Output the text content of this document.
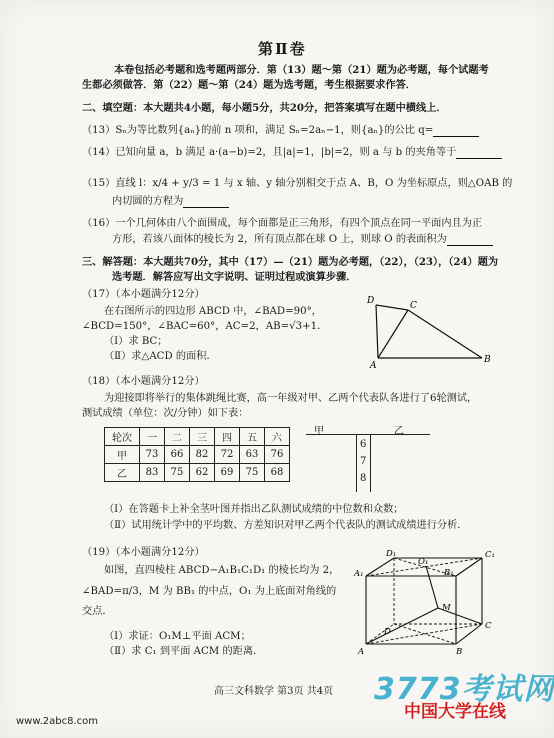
第Ⅱ卷
本卷包括必考题和选考题两部分．第（13）题～第（21）题为必考题，每个试题考
生都必须做答．第（22）题～第（24）题为选考题，考生根据要求作答．
二、填空题：本大题共4小题，每小题5分，共20分，把答案填写在题中横线上．
（13）Sₙ为等比数列{aₙ}的前 n 项和，满足 Sₙ=2aₙ−1，则{aₙ}的公比 q=
（14）已知向量 a，b 满足 a·(a−b)=2，且|a|=1，|b|=2，则 a 与 b 的夹角等于
（15）直线 l：x/4 + y/3 = 1 与 x 轴、y 轴分别相交于点 A、B，O 为坐标原点，则△OAB 的
内切圆的方程为
（16）一个几何体由八个面围成，每个面都是正三角形，有四个顶点在同一平面内且为正
方形，若该八面体的棱长为 2，所有顶点都在球 O 上，则球 O 的表面积为
三、解答题：本大题共70分，其中（17）—（21）题为必考题，（22），（23），（24）题为
选考题．解答应写出文字说明、证明过程或演算步骤．
（17）（本小题满分12分）
在右图所示的四边形 ABCD 中，∠BAD=90°，
∠BCD=150°，∠BAC=60°，AC=2，AB=√3+1．
（Ⅰ）求 BC；
（Ⅱ）求△ACD 的面积．
D	C
A
B
（18）（本小题满分12分）
为迎接即将举行的集体跳绳比赛，高一年级对甲、乙两个代表队各进行了6轮测试，
测试成绩（单位：次/分钟）如下表：
轮次	一	二	三	四	五	六
甲	73	66	82	72	63	76
乙	83	75	62	69	75	68
甲	乙
6
7
8
（Ⅰ）在答题卡上补全茎叶图并指出乙队测试成绩的中位数和众数；
（Ⅱ）试用统计学中的平均数、方差知识对甲乙两个代表队的测试成绩进行分析．
（19）（本小题满分12分）
如图，直四棱柱 ABCD−A₁B₁C₁D₁ 的棱长均为 2，
∠BAD=π/3，M 为 BB₁ 的中点，O₁ 为上底面对角线的
交点．
（Ⅰ）求证：O₁M⊥平面 ACM；
（Ⅱ）求 C₁ 到平面 ACM 的距离．
D₁
O₁
C₁
A₁	B₁
M
D
C
A	B
高三文科数学 第3页 共4页
www.2abc8.com
3773考试网
中国大学在线
